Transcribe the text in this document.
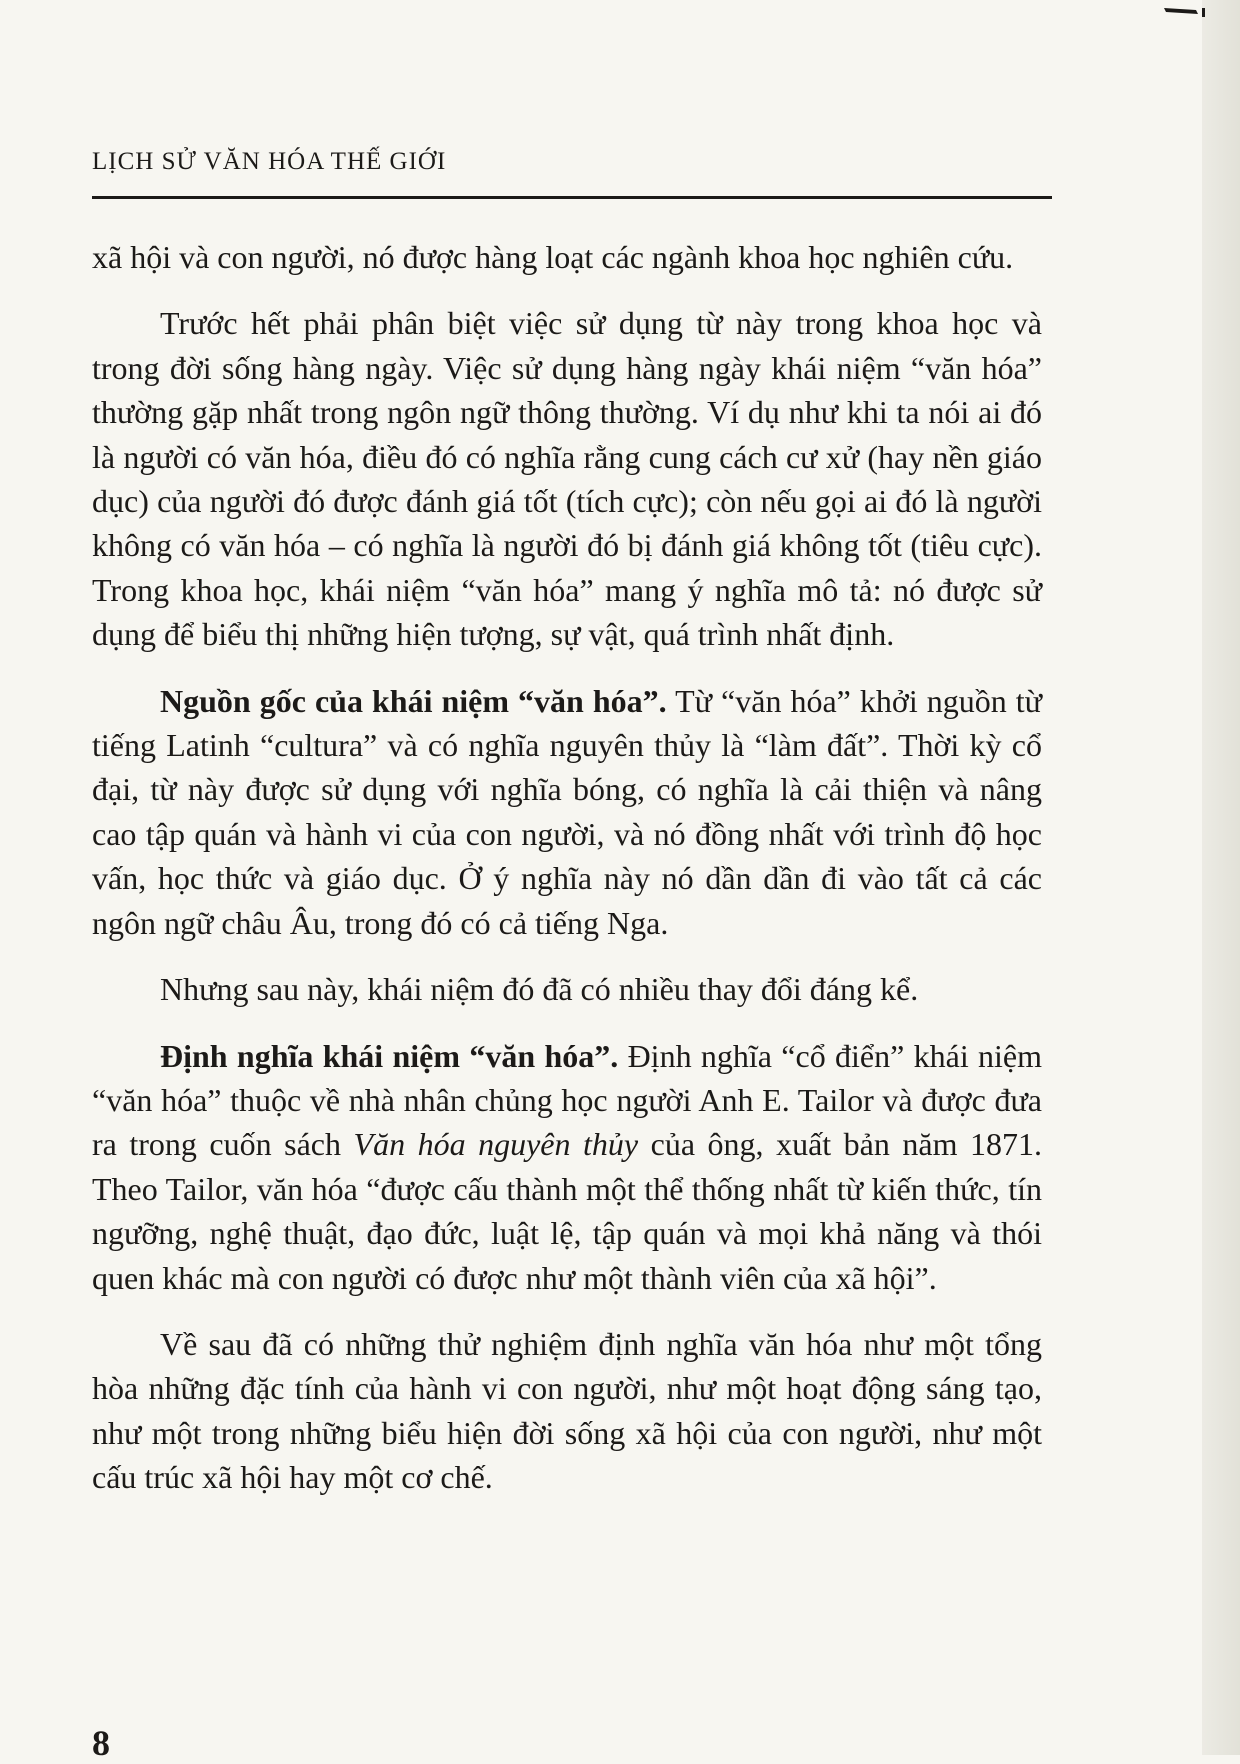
LỊCH SỬ VĂN HÓA THẾ GIỚI

xã hội và con người, nó được hàng loạt các ngành khoa học nghiên cứu.

Trước hết phải phân biệt việc sử dụng từ này trong khoa học và trong đời sống hàng ngày. Việc sử dụng hàng ngày khái niệm “văn hóa” thường gặp nhất trong ngôn ngữ thông thường. Ví dụ như khi ta nói ai đó là người có văn hóa, điều đó có nghĩa rằng cung cách cư xử (hay nền giáo dục) của người đó được đánh giá tốt (tích cực); còn nếu gọi ai đó là người không có văn hóa – có nghĩa là người đó bị đánh giá không tốt (tiêu cực). Trong khoa học, khái niệm “văn hóa” mang ý nghĩa mô tả: nó được sử dụng để biểu thị những hiện tượng, sự vật, quá trình nhất định.

Nguồn gốc của khái niệm “văn hóa”. Từ “văn hóa” khởi nguồn từ tiếng Latinh “cultura” và có nghĩa nguyên thủy là “làm đất”. Thời kỳ cổ đại, từ này được sử dụng với nghĩa bóng, có nghĩa là cải thiện và nâng cao tập quán và hành vi của con người, và nó đồng nhất với trình độ học vấn, học thức và giáo dục. Ở ý nghĩa này nó dần dần đi vào tất cả các ngôn ngữ châu Âu, trong đó có cả tiếng Nga.

Nhưng sau này, khái niệm đó đã có nhiều thay đổi đáng kể.

Định nghĩa khái niệm “văn hóa”. Định nghĩa “cổ điển” khái niệm “văn hóa” thuộc về nhà nhân chủng học người Anh E. Tailor và được đưa ra trong cuốn sách Văn hóa nguyên thủy của ông, xuất bản năm 1871. Theo Tailor, văn hóa “được cấu thành một thể thống nhất từ kiến thức, tín ngưỡng, nghệ thuật, đạo đức, luật lệ, tập quán và mọi khả năng và thói quen khác mà con người có được như một thành viên của xã hội”.

Về sau đã có những thử nghiệm định nghĩa văn hóa như một tổng hòa những đặc tính của hành vi con người, như một hoạt động sáng tạo, như một trong những biểu hiện đời sống xã hội của con người, như một cấu trúc xã hội hay một cơ chế.

8
